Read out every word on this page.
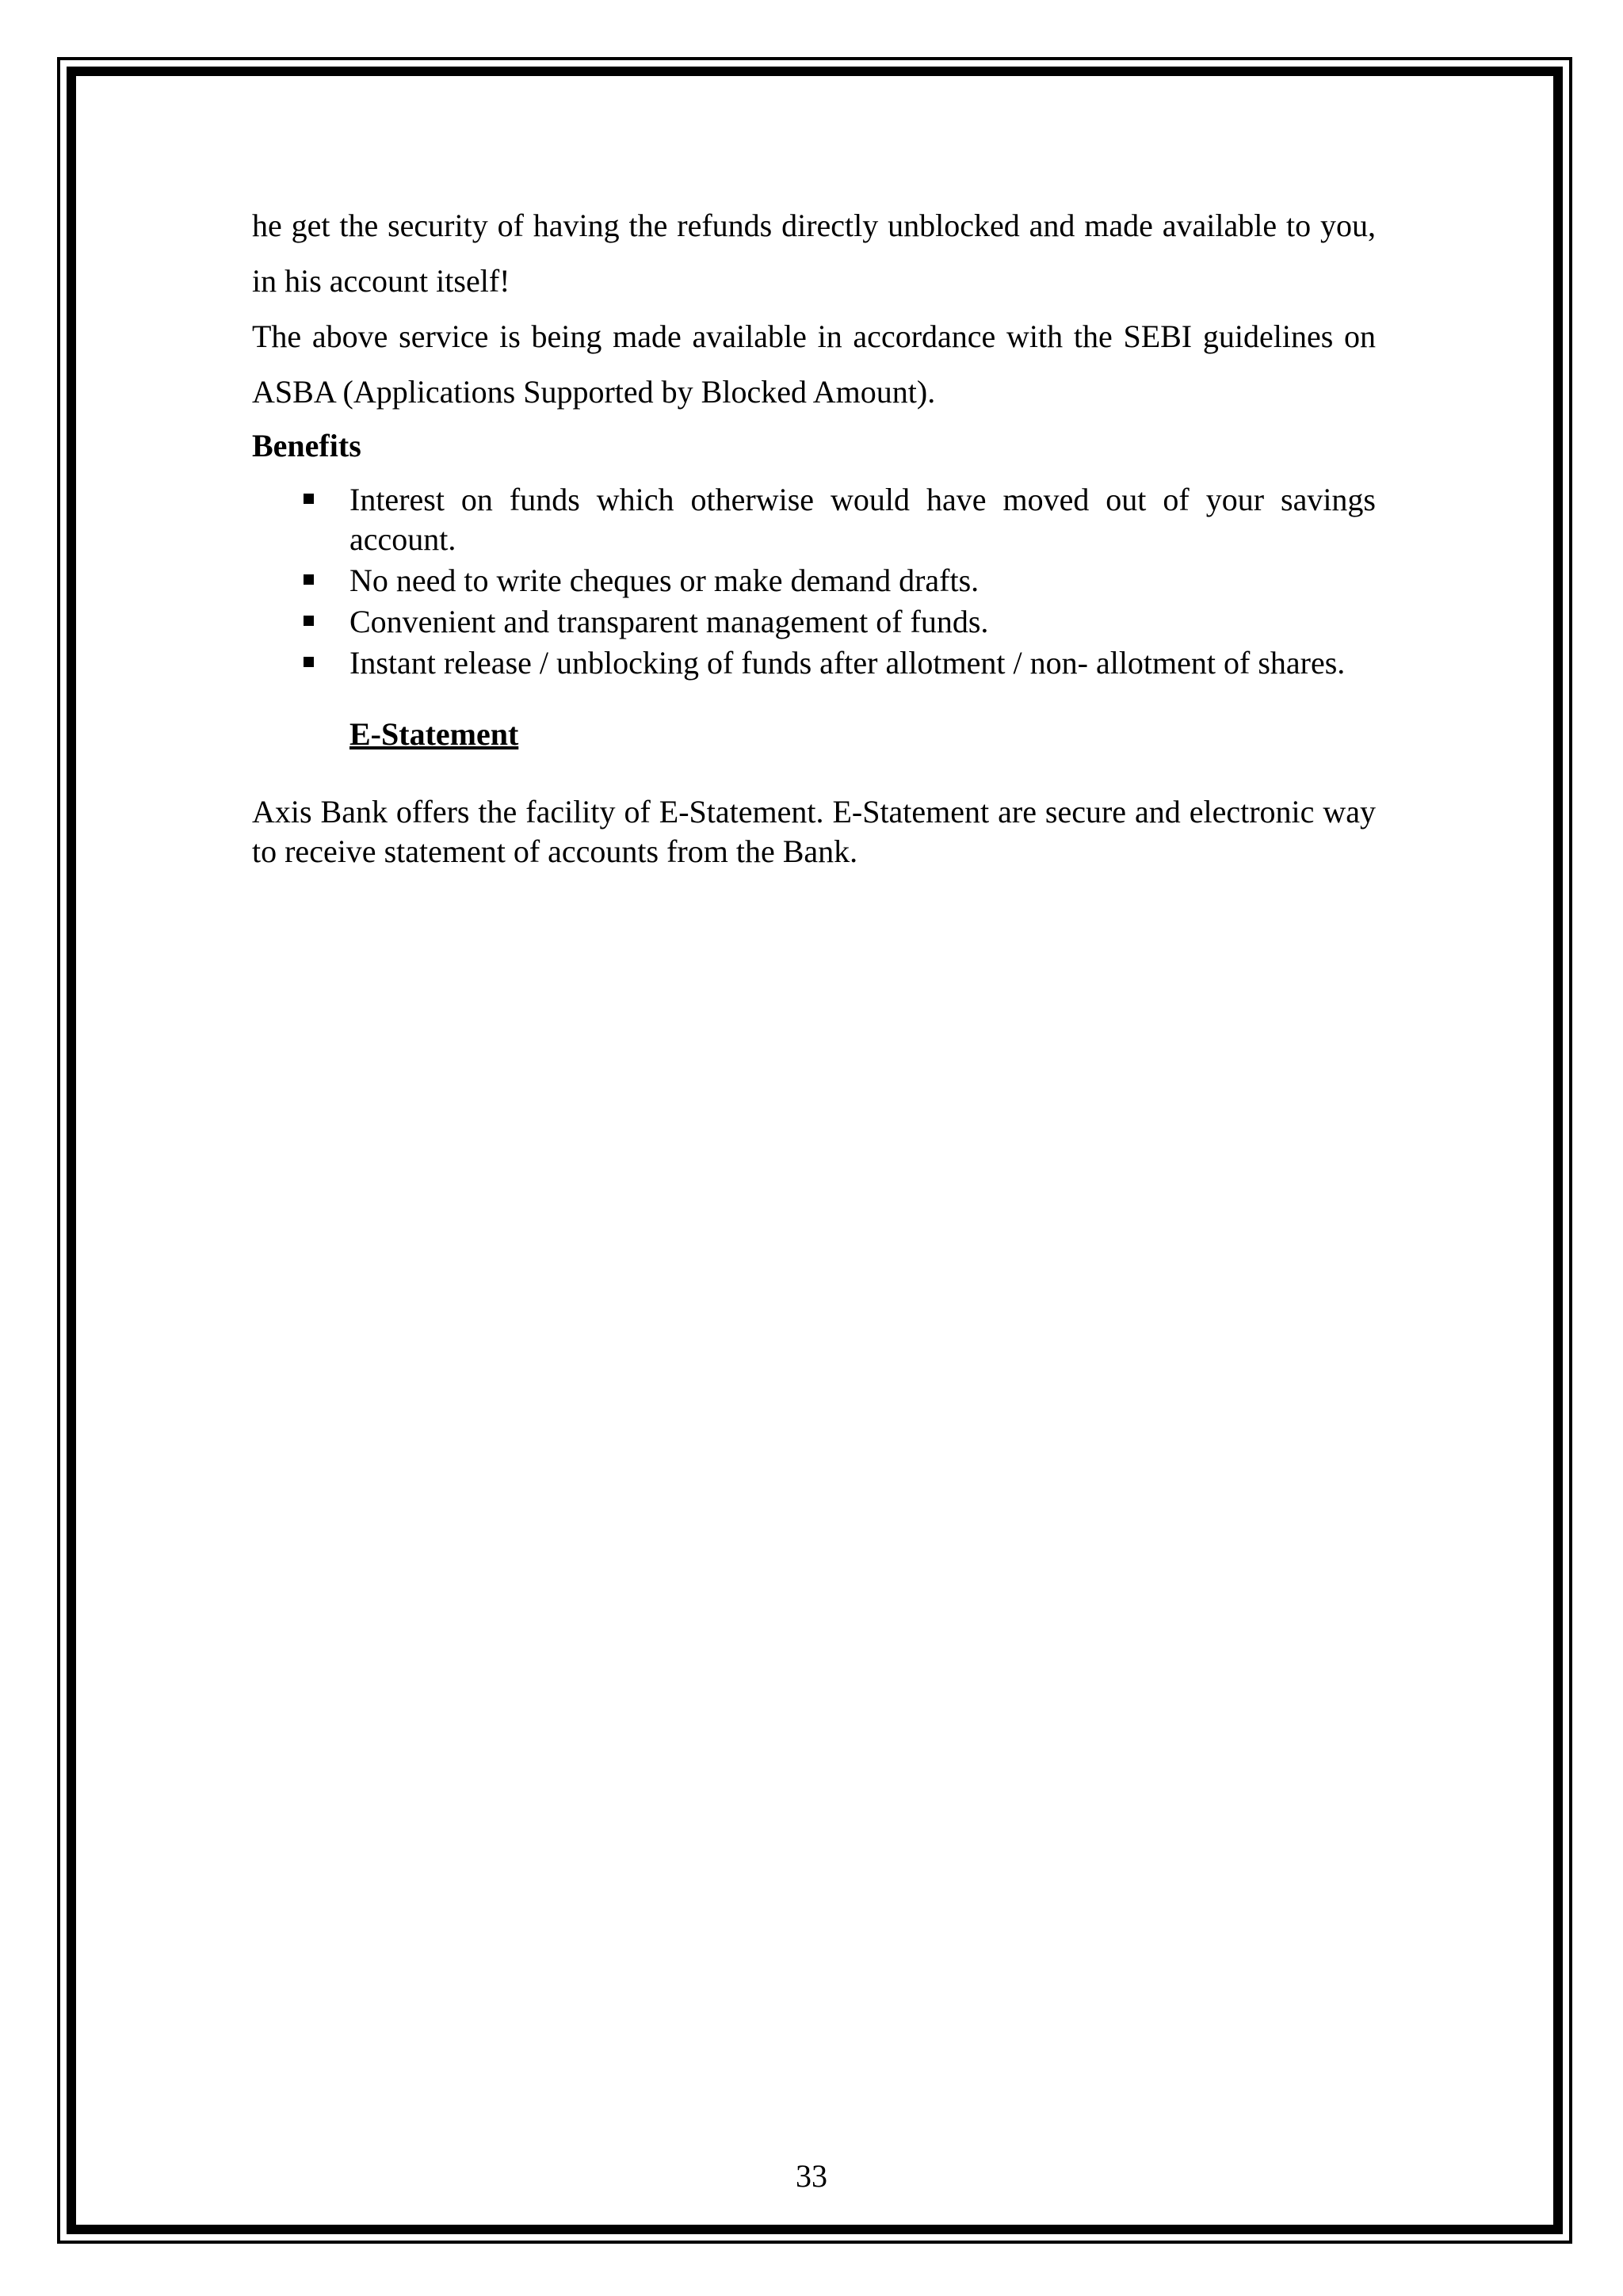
he get the security of having the refunds directly unblocked and made available to you, in his account itself!

The above service is being made available in accordance with the SEBI guidelines on ASBA (Applications Supported by Blocked Amount).

Benefits

Interest on funds which otherwise would have moved out of your savings account.
No need to write cheques or make demand drafts.
Convenient and transparent management of funds.
Instant release / unblocking of funds after allotment / non- allotment of shares.

E-Statement

Axis Bank offers the facility of E-Statement. E-Statement are secure and electronic way to receive statement of accounts from the Bank.

33
